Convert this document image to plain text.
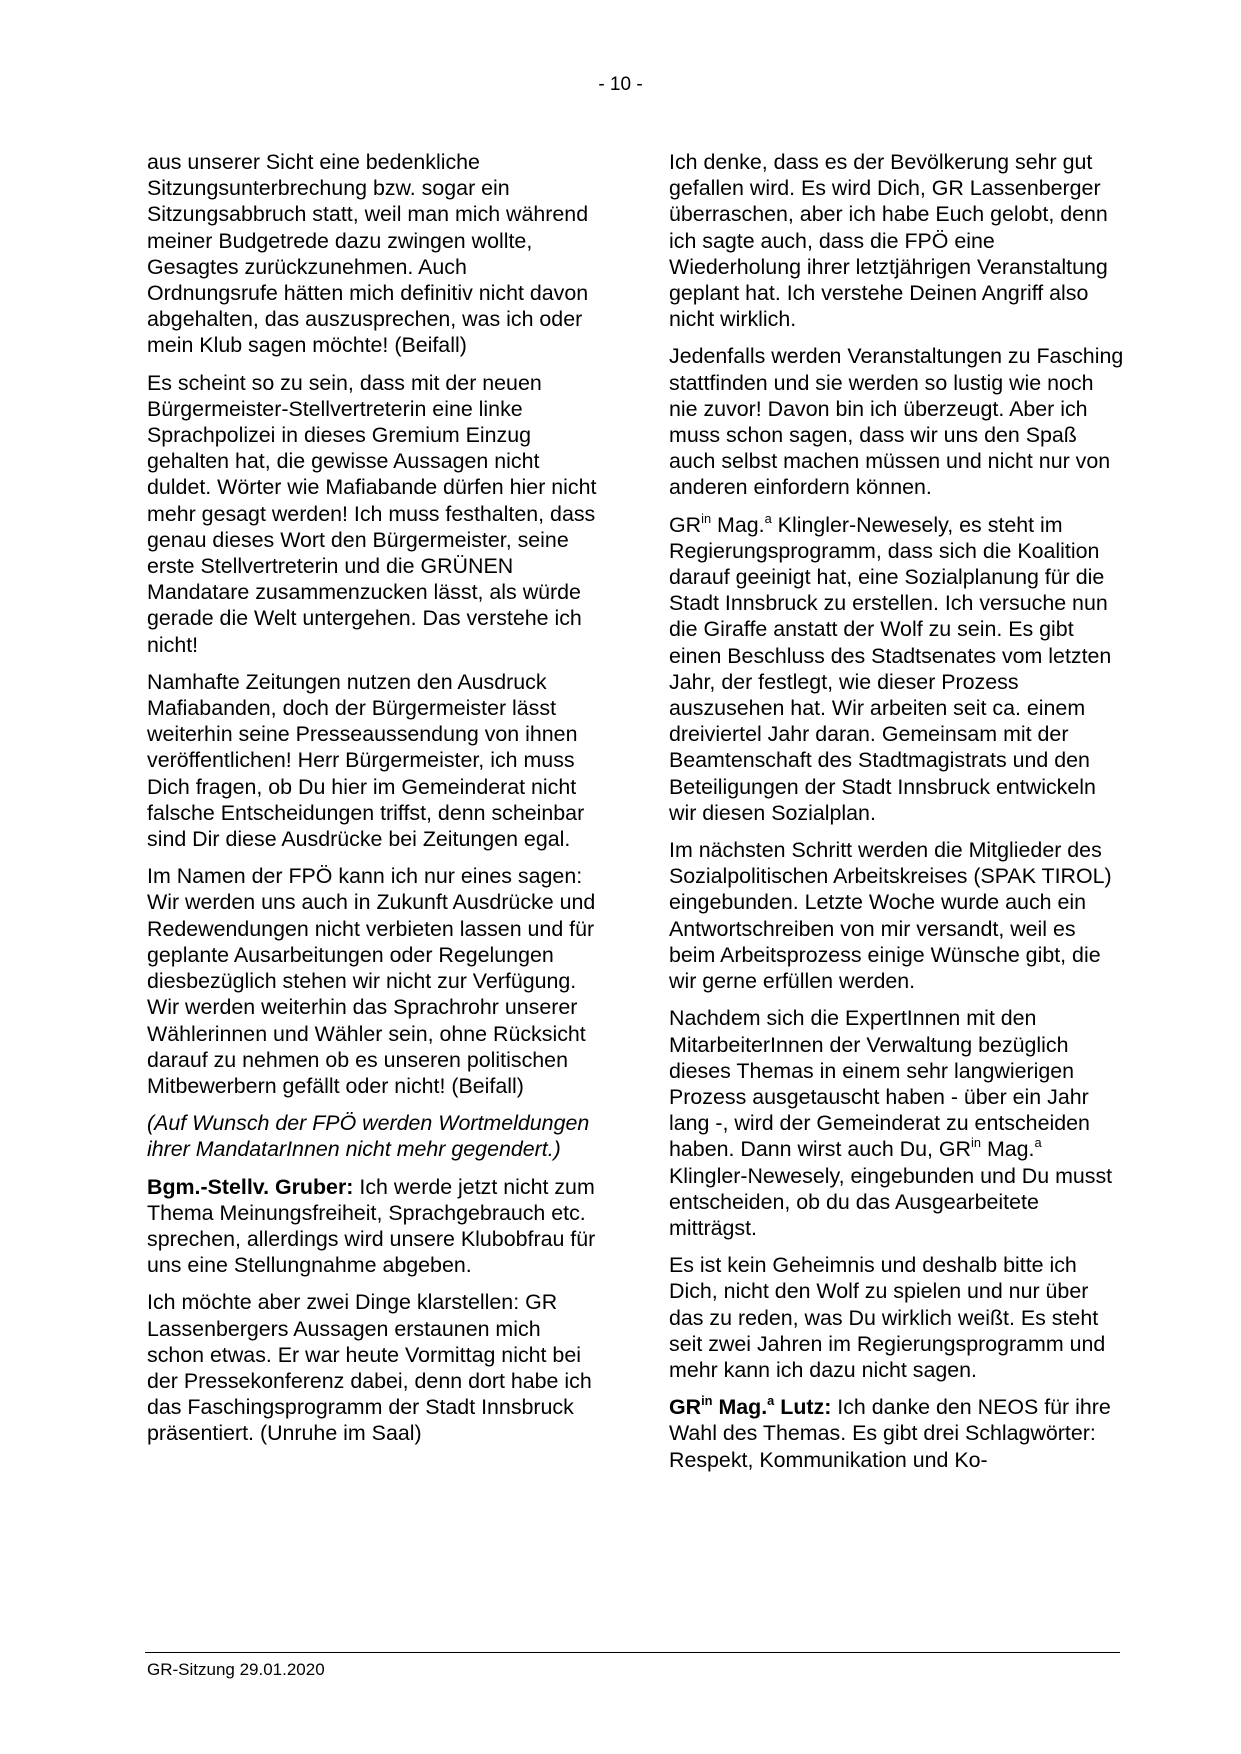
- 10 -

aus unserer Sicht eine bedenkliche Sitzungsunterbrechung bzw. sogar ein Sitzungsabbruch statt, weil man mich während meiner Budgetrede dazu zwingen wollte, Gesagtes zurückzunehmen. Auch Ordnungsrufe hätten mich definitiv nicht davon abgehalten, das auszusprechen, was ich oder mein Klub sagen möchte! (Beifall)

Es scheint so zu sein, dass mit der neuen Bürgermeister-Stellvertreterin eine linke Sprachpolizei in dieses Gremium Einzug gehalten hat, die gewisse Aussagen nicht duldet. Wörter wie Mafiabande dürfen hier nicht mehr gesagt werden! Ich muss festhalten, dass genau dieses Wort den Bürgermeister, seine erste Stellvertreterin und die GRÜNEN Mandatare zusammenzucken lässt, als würde gerade die Welt untergehen. Das verstehe ich nicht!

Namhafte Zeitungen nutzen den Ausdruck Mafiabanden, doch der Bürgermeister lässt weiterhin seine Presseaussendung von ihnen veröffentlichen! Herr Bürgermeister, ich muss Dich fragen, ob Du hier im Gemeinderat nicht falsche Entscheidungen triffst, denn scheinbar sind Dir diese Ausdrücke bei Zeitungen egal.

Im Namen der FPÖ kann ich nur eines sagen: Wir werden uns auch in Zukunft Ausdrücke und Redewendungen nicht verbieten lassen und für geplante Ausarbeitungen oder Regelungen diesbezüglich stehen wir nicht zur Verfügung. Wir werden weiterhin das Sprachrohr unserer Wählerinnen und Wähler sein, ohne Rücksicht darauf zu nehmen ob es unseren politischen Mitbewerbern gefällt oder nicht! (Beifall)

(Auf Wunsch der FPÖ werden Wortmeldungen ihrer MandatarInnen nicht mehr gegendert.)

Bgm.-Stellv. Gruber: Ich werde jetzt nicht zum Thema Meinungsfreiheit, Sprachgebrauch etc. sprechen, allerdings wird unsere Klubobfrau für uns eine Stellungnahme abgeben.

Ich möchte aber zwei Dinge klarstellen: GR Lassenbergers Aussagen erstaunen mich schon etwas. Er war heute Vormittag nicht bei der Pressekonferenz dabei, denn dort habe ich das Faschingsprogramm der Stadt Innsbruck präsentiert. (Unruhe im Saal)

Ich denke, dass es der Bevölkerung sehr gut gefallen wird. Es wird Dich, GR Lassenberger überraschen, aber ich habe Euch gelobt, denn ich sagte auch, dass die FPÖ eine Wiederholung ihrer letztjährigen Veranstaltung geplant hat. Ich verstehe Deinen Angriff also nicht wirklich.

Jedenfalls werden Veranstaltungen zu Fasching stattfinden und sie werden so lustig wie noch nie zuvor! Davon bin ich überzeugt. Aber ich muss schon sagen, dass wir uns den Spaß auch selbst machen müssen und nicht nur von anderen einfordern können.

$GR^{in}$ Mag.$^a$ Klingler-Newesely, es steht im Regierungsprogramm, dass sich die Koalition darauf geeinigt hat, eine Sozialplanung für die Stadt Innsbruck zu erstellen. Ich versuche nun die Giraffe anstatt der Wolf zu sein. Es gibt einen Beschluss des Stadtsenates vom letzten Jahr, der festlegt, wie dieser Prozess auszusehen hat. Wir arbeiten seit ca. einem dreiviertel Jahr daran. Gemeinsam mit der Beamtenschaft des Stadtmagistrats und den Beteiligungen der Stadt Innsbruck entwickeln wir diesen Sozialplan.

Im nächsten Schritt werden die Mitglieder des Sozialpolitischen Arbeitskreises (SPAK TIROL) eingebunden. Letzte Woche wurde auch ein Antwortschreiben von mir versandt, weil es beim Arbeitsprozess einige Wünsche gibt, die wir gerne erfüllen werden.

Nachdem sich die ExpertInnen mit den MitarbeiterInnen der Verwaltung bezüglich dieses Themas in einem sehr langwierigen Prozess ausgetauscht haben - über ein Jahr lang -, wird der Gemeinderat zu entscheiden haben. Dann wirst auch Du, $GR^{in}$ Mag.$^a$ Klingler-Newesely, eingebunden und Du musst entscheiden, ob du das Ausgearbeitete mitträgst.

Es ist kein Geheimnis und deshalb bitte ich Dich, nicht den Wolf zu spielen und nur über das zu reden, was Du wirklich weißt. Es steht seit zwei Jahren im Regierungsprogramm und mehr kann ich dazu nicht sagen.

$GR^{in}$ Mag.$^a$ Lutz: Ich danke den NEOS für ihre Wahl des Themas. Es gibt drei Schlagwörter: Respekt, Kommunikation und Ko-

GR-Sitzung 29.01.2020
